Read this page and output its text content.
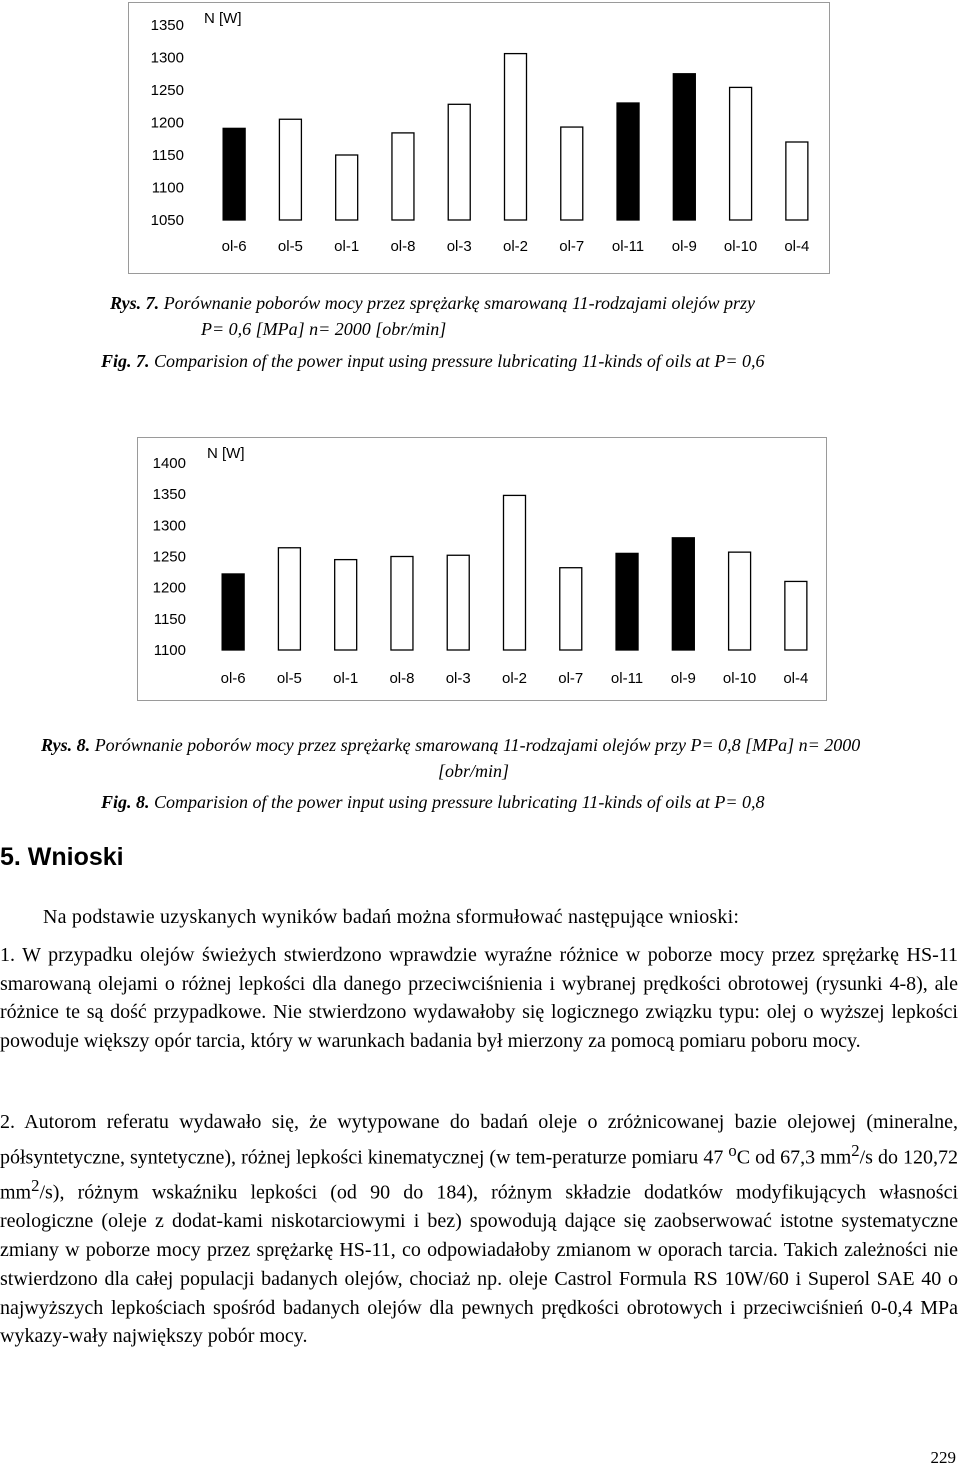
1050
1100
1150
1200
1250
1300
1350 N [W]
ol-6 ol-5 ol-1 ol-8 ol-3 ol-2 ol-7 ol-11 ol-9 ol-10 ol-4
Rys. 7. Porównanie poborów mocy przez sprężarkę smarowaną 11-rodzajami olejów przy
P= 0,6 [MPa] n= 2000 [obr/min]
Fig. 7. Comparision of the power input using pressure lubricating 11-kinds of oils at P= 0,6
1100
1150
1200
1250
1300
1350
1400
N [W]
ol-6 ol-5 ol-1 ol-8 ol-3 ol-2 ol-7 ol-11 ol-9 ol-10 ol-4
Rys. 8. Porównanie poborów mocy przez sprężarkę smarowaną 11-rodzajami olejów przy P= 0,8 [MPa] n= 2000
[obr/min]
Fig. 8. Comparision of the power input using pressure lubricating 11-kinds of oils at P= 0,8
5. Wnioski
Na podstawie uzyskanych wyników badań można sformułować następujące wnioski:
1. W przypadku olejów świeżych stwierdzono wprawdzie wyraźne różnice w poborze mocy przez sprężarkę HS-11 smarowaną olejami o różnej lepkości dla danego przeciwciśnienia i wybranej prędkości obrotowej (rysunki 4-8), ale różnice te są dość przypadkowe. Nie stwierdzono wydawałoby się logicznego związku typu: olej o wyższej lepkości powoduje większy opór tarcia, który w warunkach badania był mierzony za pomocą pomiaru poboru mocy.
2. Autorom referatu wydawało się, że wytypowane do badań oleje o zróżnicowanej bazie olejowej (mineralne, półsyntetyczne, syntetyczne), różnej lepkości kinematycznej (w tem-peraturze pomiaru 47 $^o$C od 67,3 $mm^2/s$ do 120,72 $mm^2/s$), różnym wskaźniku lepkości (od 90 do 184), różnym składzie dodatków modyfikujących własności reologiczne (oleje z dodat-kami niskotarciowymi i bez) spowodują dające się zaobserwować istotne systematyczne zmiany w poborze mocy przez sprężarkę HS-11, co odpowiadałoby zmianom w oporach tarcia. Takich zależności nie stwierdzono dla całej populacji badanych olejów, chociaż np. oleje Castrol Formula RS 10W/60 i Superol SAE 40 o najwyższych lepkościach spośród badanych olejów dla pewnych prędkości obrotowych i przeciwciśnień 0-0,4 MPa wykazy-wały największy pobór mocy.
229
